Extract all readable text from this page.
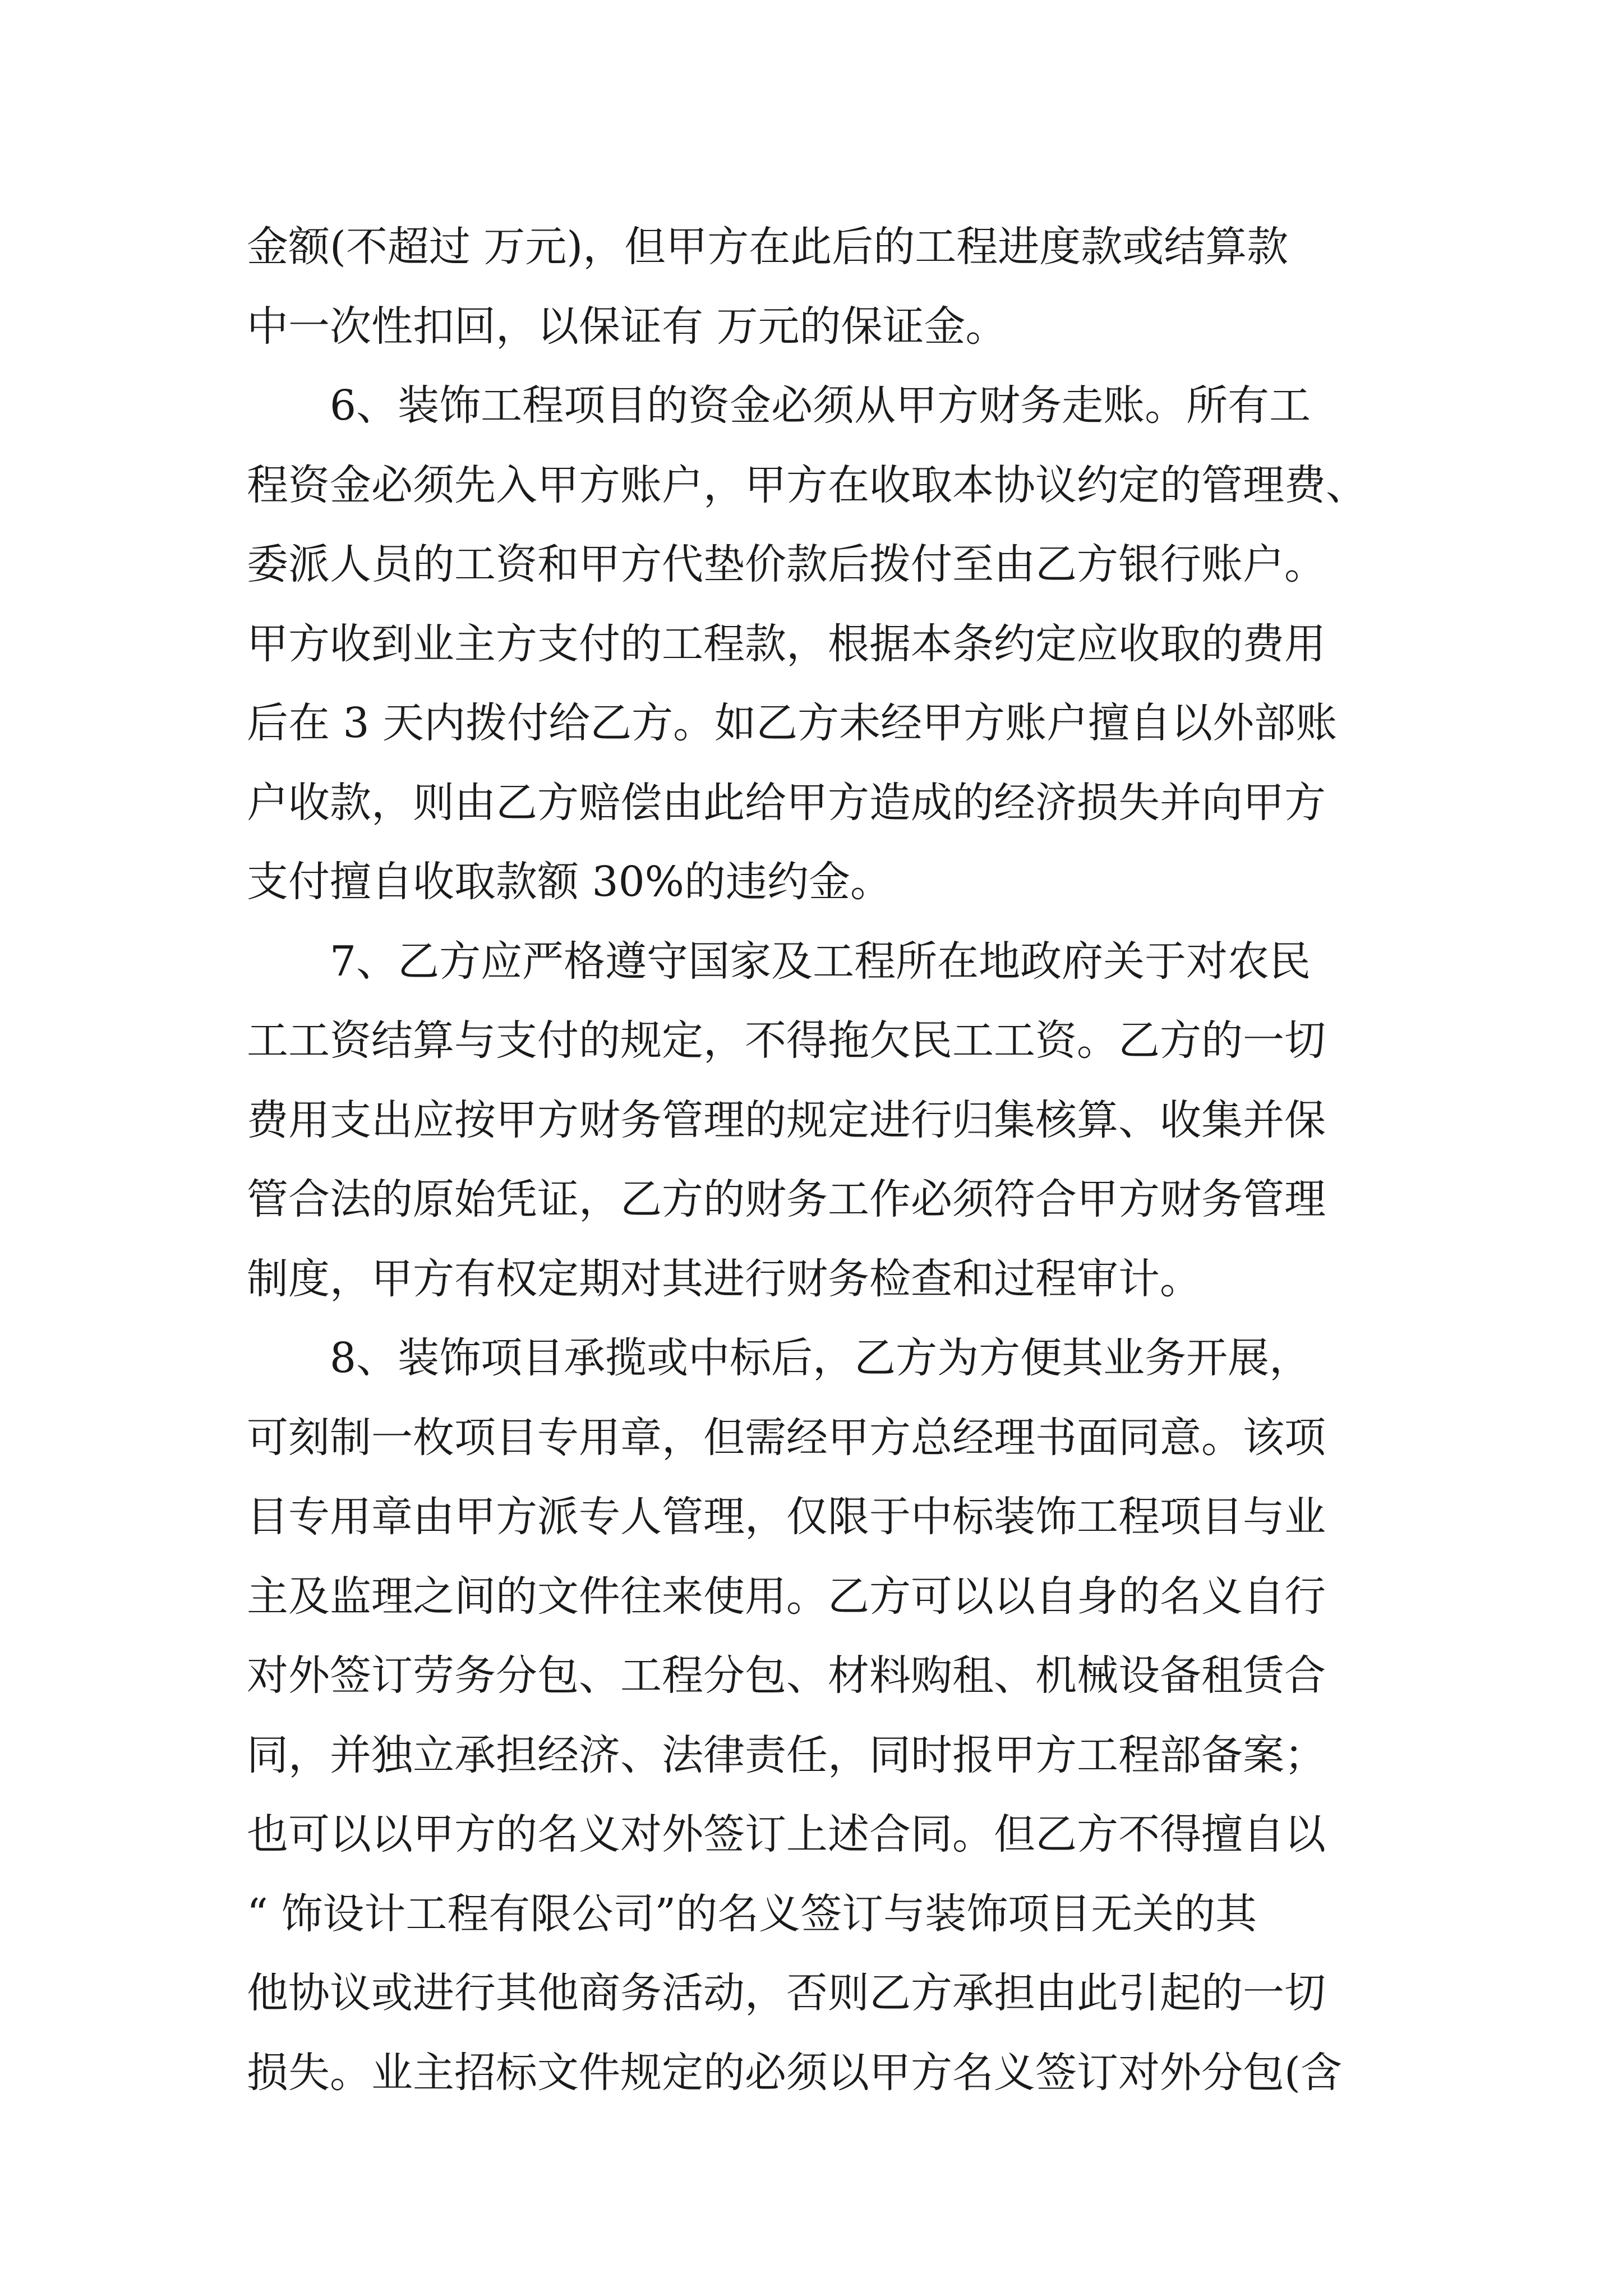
金额(不超过 万元)，但甲方在此后的工程进度款或结算款
中一次性扣回，以保证有 万元的保证金。
6、装饰工程项目的资金必须从甲方财务走账。所有工
程资金必须先入甲方账户，甲方在收取本协议约定的管理费、
委派人员的工资和甲方代垫价款后拨付至由乙方银行账户。
甲方收到业主方支付的工程款，根据本条约定应收取的费用
后在 3 天内拨付给乙方。如乙方未经甲方账户擅自以外部账
户收款，则由乙方赔偿由此给甲方造成的经济损失并向甲方
支付擅自收取款额 30%的违约金。
7、乙方应严格遵守国家及工程所在地政府关于对农民
工工资结算与支付的规定，不得拖欠民工工资。乙方的一切
费用支出应按甲方财务管理的规定进行归集核算、收集并保
管合法的原始凭证，乙方的财务工作必须符合甲方财务管理
制度，甲方有权定期对其进行财务检查和过程审计。
8、装饰项目承揽或中标后，乙方为方便其业务开展，
可刻制一枚项目专用章，但需经甲方总经理书面同意。该项
目专用章由甲方派专人管理，仅限于中标装饰工程项目与业
主及监理之间的文件往来使用。乙方可以以自身的名义自行
对外签订劳务分包、工程分包、材料购租、机械设备租赁合
同，并独立承担经济、法律责任，同时报甲方工程部备案；
也可以以甲方的名义对外签订上述合同。但乙方不得擅自以
“ 饰设计工程有限公司”的名义签订与装饰项目无关的其
他协议或进行其他商务活动，否则乙方承担由此引起的一切
损失。业主招标文件规定的必须以甲方名义签订对外分包(含
